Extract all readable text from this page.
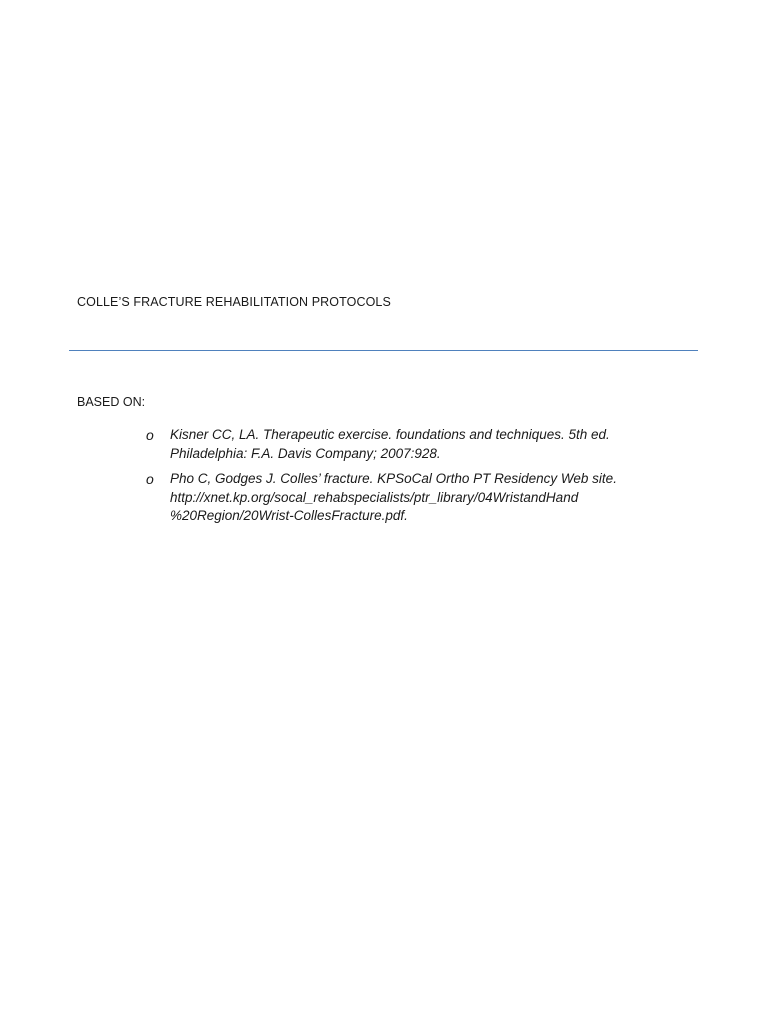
COLLE’S FRACTURE REHABILITATION PROTOCOLS
BASED ON:
o Kisner CC, LA. Therapeutic exercise. foundations and techniques. 5th ed.
Philadelphia: F.A. Davis Company; 2007:928.
o Pho C, Godges J. Colles’ fracture. KPSoCal Ortho PT Residency Web site.
http://xnet.kp.org/socal_rehabspecialists/ptr_library/04WristandHand
%20Region/20Wrist-CollesFracture.pdf.
